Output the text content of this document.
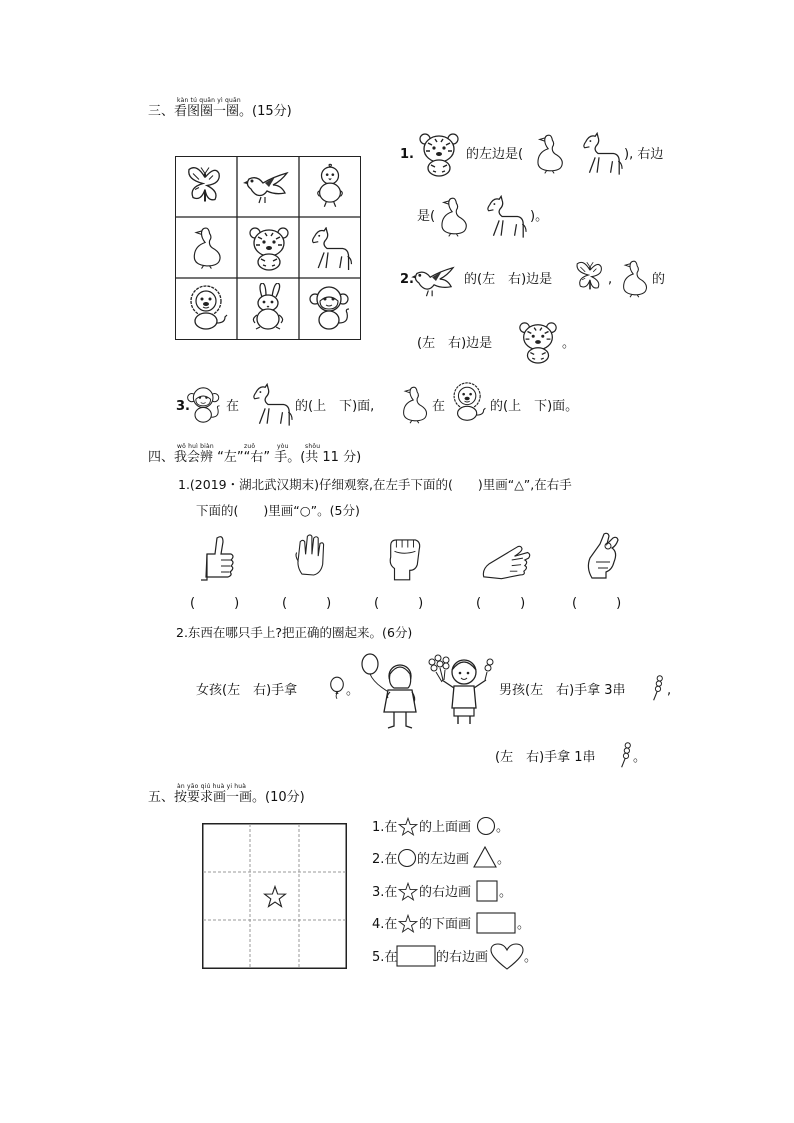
kàn tú quān yì quān
三、看图圈一圈。(15分)
1.	的左边是(	), 右边
是(	)。
2.	的(左　右)边是	,	的
(左　右)边是	。
3.	在	的(上　下)面,	在	的(上　下)面。
wǒ huì biàn	zuǒ	yòu	shǒu
四、我会辨 “左”“右” 手。(共 11 分)
1.(2019・湖北武汉期末)仔细观察,在左手下面的(　　)里画“△”,在右手
下面的(　　)里画“○”。(5分)
(　　　)	(　　　)	(　　　)	(　　　)	(　　　)
2.东西在哪只手上?把正确的圈起来。(6分)
女孩(左　右)手拿	。	男孩(左　右)手拿 3串	,
(左　右)手拿 1串	。
àn yāo qiú huà yi huà
五、按要求画一画。(10分)
1.在 的上面画 。
2.在 的左边画 。
3.在 的右边画 。
4.在 的下面画	。
5.在	的右边画	。
